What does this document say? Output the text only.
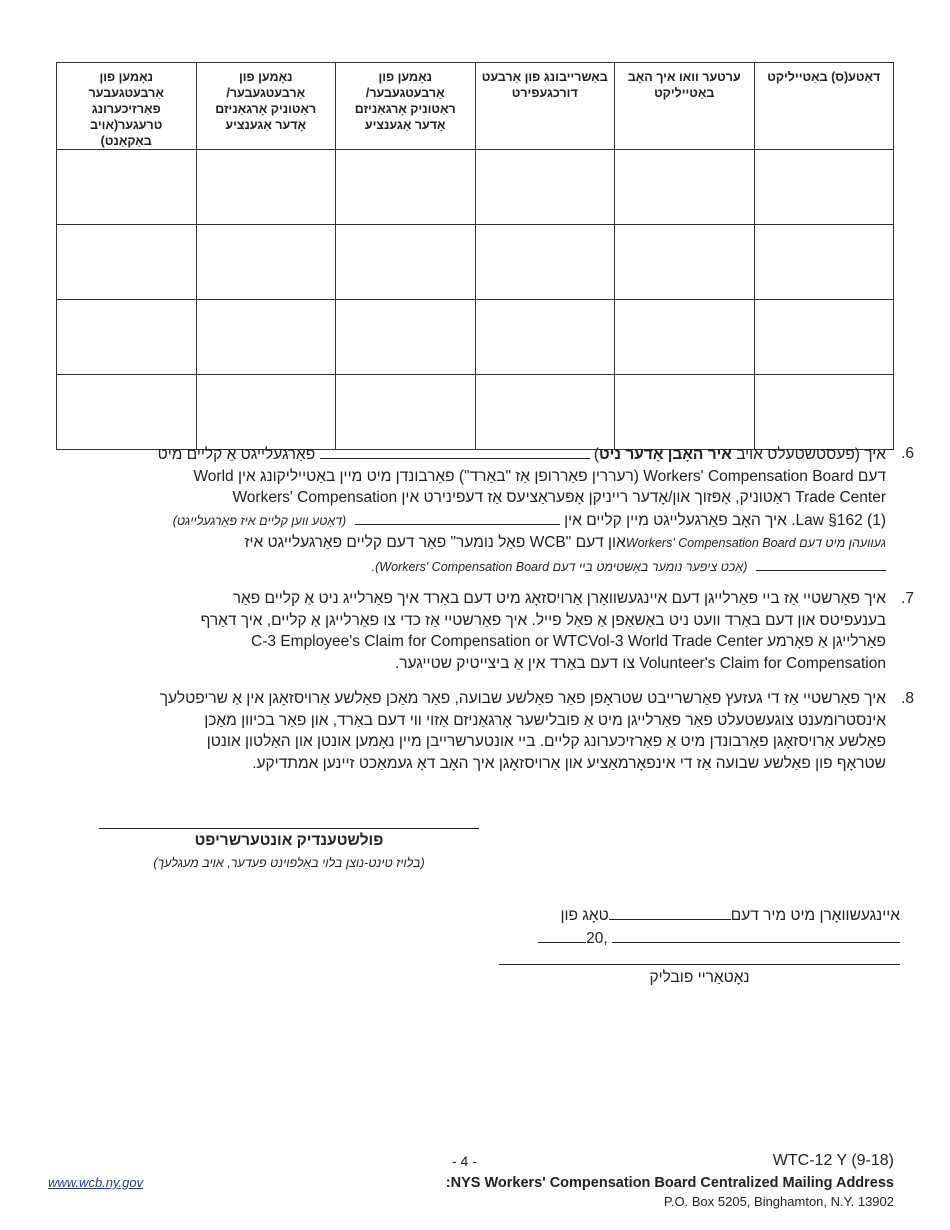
דאַטע(ס) באַטייליקט	ערטער וואו איך האָב באַטייליקט	באַשרייבונג פון אַרבעט דורכגעפירט	נאָמען פון אַרבעטגעבער/ ראַטוניק אָרגאַניזם אָדער אַגענציע	נאָמען פון אַרבעטגעבער/ ראַטוניק אָרגאַניזם אָדער אַגענציע	נאָמען פון אַרבעטגעבער פאַרזיכערונג טרעגער(אויב באַקאַנט)

6.
איך (פעסטשטעלט אויב איר האָבן אָדער ניט)  פאַרגעלייגט אַ קליים מיט
דעם Workers' Compensation Board (רעררין פאַררופן אַז "באַרד") פאַרבונדן מיט מיין באַטייליקונג אין World
Trade Center ראַטוניק, אָפּזוך און/אָדער רייניקן אָפּעראַציעס אַז דעפינירט אין Workers' Compensation
Law §162 (1). איך האָב פאַרגעלייגט מיין קליים אין   (דאַטע ווען קליים איז פאַרגעלייגט)
געוועהן מיט דעם Workers' Compensation Boardאון דעם "WCB פאַל נומער" פאַר דעם קליים פאַרגעלייגט איז
(אַכט ציפער נומער באַשטימט ביי דעם Workers' Compensation Board).
7.
איך פאַרשטיי אַז ביי פאַרלייגן דעם איינגעשוואָרן אַרויסזאָג מיט דעם באַרד איך פאַרלייג ניט אַ קליים פאַר
בענעפיטס און דעם באַרד וועט ניט באַשאַפן אַ פאַל פייל. איך פאַרשטיי אַז כדי צו פאַרלייגן אַ קליים, איך דאַרף
פאַרלייגן אַ פאָרמע C-3 Employee's Claim for Compensation or WTCVol-3 World Trade Center
Volunteer's Claim for Compensation צו דעם באַרד אין אַ ביצייטיק שטייגער.
8.
איך פאַרשטיי אַז די געזעץ פאַרשרייבט שטראָפן פאַר פאַלשע שבועה, פאַר מאַכן פאַלשע אַרויסזאָגן אין אַ שריפטלעך
אינסטרומענט צוגעשטעלט פאַר פאַרלייגן מיט אַ פובלישער אָרגאַניזם אַזוי ווי דעם באַרד, און פאַר בכיוון מאַכן
פאַלשע אַרויסזאָגן פאַרבונדן מיט אַ פאַרזיכערונג קליים. ביי אונטערשרייבן מיין נאָמען אונטן און האַלטון אונטן
שטראָף פון פאַלשע שבועה אַז די אינפאָרמאַציע און אַרויסזאָגן איך האָב דאָ געמאַכט זיינען אמתדיקע.
פולשטענדיק אונטערשריפט
(בלויז טינט-נוצן בלוי באַלפוינט פעדער, אויב מעגלעך)
איינגעשוואָרן מיט מיר דעםטאָג פון
20,
נאָטאַריי פובליק
- 4 -	WTC-12 Y (9-18)
www.wcb.ny.gov	:NYS Workers' Compensation Board Centralized Mailing Address
P.O. Box 5205, Binghamton, N.Y. 13902
